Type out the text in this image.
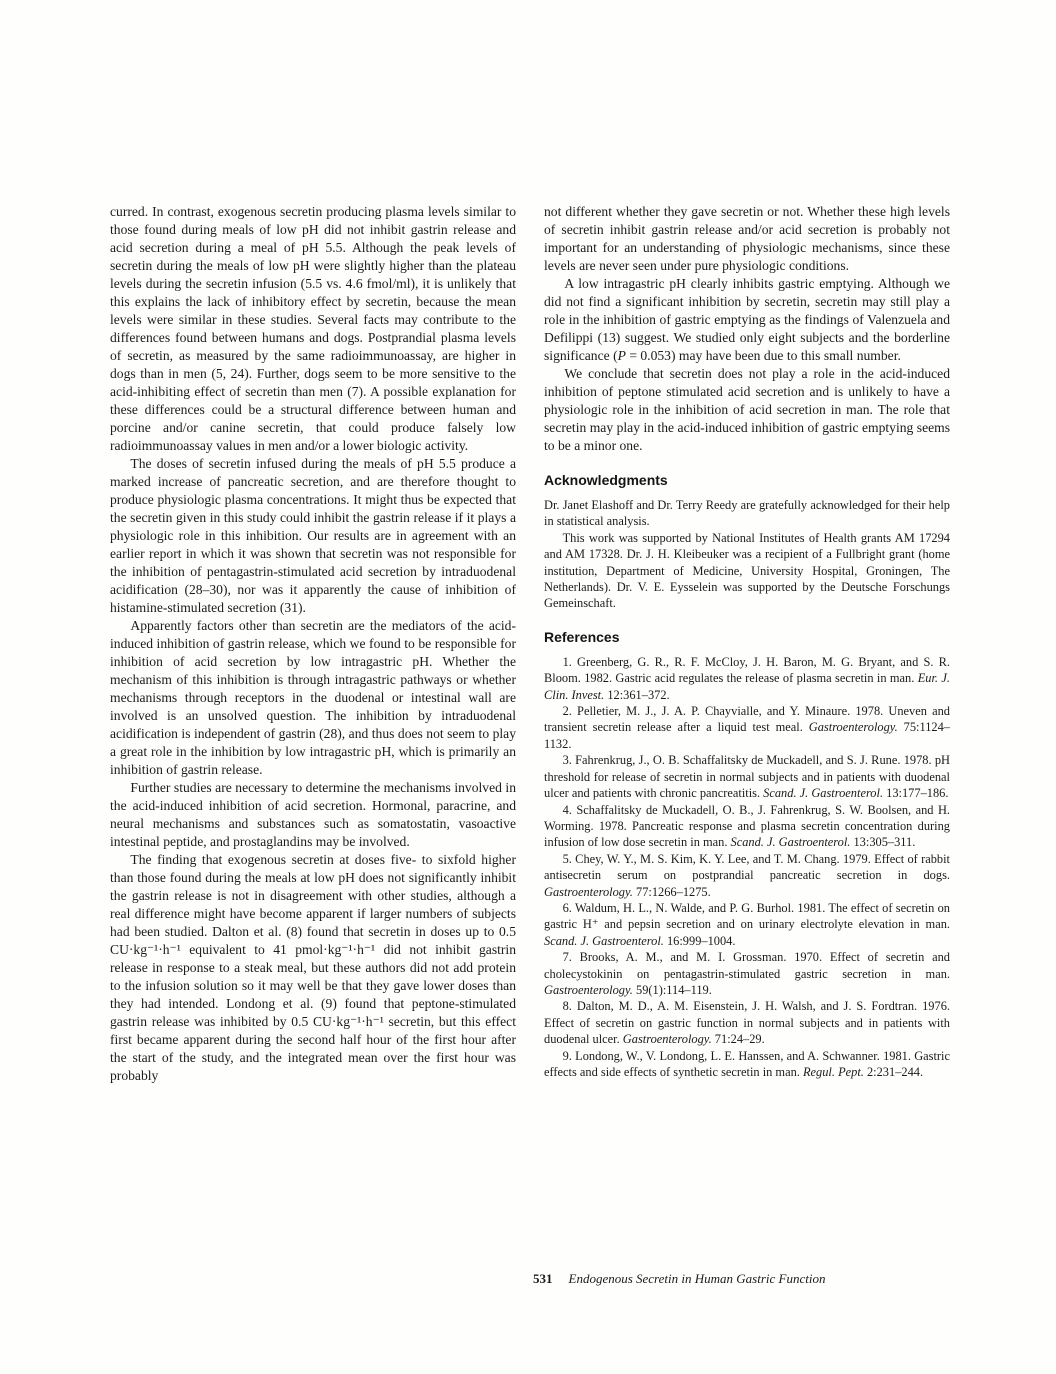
curred. In contrast, exogenous secretin producing plasma levels similar to those found during meals of low pH did not inhibit gastrin release and acid secretion during a meal of pH 5.5. Although the peak levels of secretin during the meals of low pH were slightly higher than the plateau levels during the secretin infusion (5.5 vs. 4.6 fmol/ml), it is unlikely that this explains the lack of inhibitory effect by secretin, because the mean levels were similar in these studies. Several facts may contribute to the differences found between humans and dogs. Postprandial plasma levels of secretin, as measured by the same radioimmunoassay, are higher in dogs than in men (5, 24). Further, dogs seem to be more sensitive to the acid-inhibiting effect of secretin than men (7). A possible explanation for these differences could be a structural difference between human and porcine and/or canine secretin, that could produce falsely low radioimmunoassay values in men and/or a lower biologic activity.

The doses of secretin infused during the meals of pH 5.5 produce a marked increase of pancreatic secretion, and are therefore thought to produce physiologic plasma concentrations. It might thus be expected that the secretin given in this study could inhibit the gastrin release if it plays a physiologic role in this inhibition. Our results are in agreement with an earlier report in which it was shown that secretin was not responsible for the inhibition of pentagastrin-stimulated acid secretion by intraduodenal acidification (28–30), nor was it apparently the cause of inhibition of histamine-stimulated secretion (31).

Apparently factors other than secretin are the mediators of the acid-induced inhibition of gastrin release, which we found to be responsible for inhibition of acid secretion by low intragastric pH. Whether the mechanism of this inhibition is through intragastric pathways or whether mechanisms through receptors in the duodenal or intestinal wall are involved is an unsolved question. The inhibition by intraduodenal acidification is independent of gastrin (28), and thus does not seem to play a great role in the inhibition by low intragastric pH, which is primarily an inhibition of gastrin release.

Further studies are necessary to determine the mechanisms involved in the acid-induced inhibition of acid secretion. Hormonal, paracrine, and neural mechanisms and substances such as somatostatin, vasoactive intestinal peptide, and prostaglandins may be involved.

The finding that exogenous secretin at doses five- to sixfold higher than those found during the meals at low pH does not significantly inhibit the gastrin release is not in disagreement with other studies, although a real difference might have become apparent if larger numbers of subjects had been studied. Dalton et al. (8) found that secretin in doses up to 0.5 CU·kg⁻¹·h⁻¹ equivalent to 41 pmol·kg⁻¹·h⁻¹ did not inhibit gastrin release in response to a steak meal, but these authors did not add protein to the infusion solution so it may well be that they gave lower doses than they had intended. Londong et al. (9) found that peptone-stimulated gastrin release was inhibited by 0.5 CU·kg⁻¹·h⁻¹ secretin, but this effect first became apparent during the second half hour of the first hour after the start of the study, and the integrated mean over the first hour was probably

not different whether they gave secretin or not. Whether these high levels of secretin inhibit gastrin release and/or acid secretion is probably not important for an understanding of physiologic mechanisms, since these levels are never seen under pure physiologic conditions.

A low intragastric pH clearly inhibits gastric emptying. Although we did not find a significant inhibition by secretin, secretin may still play a role in the inhibition of gastric emptying as the findings of Valenzuela and Defilippi (13) suggest. We studied only eight subjects and the borderline significance (P = 0.053) may have been due to this small number.

We conclude that secretin does not play a role in the acid-induced inhibition of peptone stimulated acid secretion and is unlikely to have a physiologic role in the inhibition of acid secretion in man. The role that secretin may play in the acid-induced inhibition of gastric emptying seems to be a minor one.

Acknowledgments

Dr. Janet Elashoff and Dr. Terry Reedy are gratefully acknowledged for their help in statistical analysis.

This work was supported by National Institutes of Health grants AM 17294 and AM 17328. Dr. J. H. Kleibeuker was a recipient of a Fullbright grant (home institution, Department of Medicine, University Hospital, Groningen, The Netherlands). Dr. V. E. Eysselein was supported by the Deutsche Forschungs Gemeinschaft.

References

1. Greenberg, G. R., R. F. McCloy, J. H. Baron, M. G. Bryant, and S. R. Bloom. 1982. Gastric acid regulates the release of plasma secretin in man. Eur. J. Clin. Invest. 12:361–372.

2. Pelletier, M. J., J. A. P. Chayvialle, and Y. Minaure. 1978. Uneven and transient secretin release after a liquid test meal. Gastroenterology. 75:1124–1132.

3. Fahrenkrug, J., O. B. Schaffalitsky de Muckadell, and S. J. Rune. 1978. pH threshold for release of secretin in normal subjects and in patients with duodenal ulcer and patients with chronic pancreatitis. Scand. J. Gastroenterol. 13:177–186.

4. Schaffalitsky de Muckadell, O. B., J. Fahrenkrug, S. W. Boolsen, and H. Worming. 1978. Pancreatic response and plasma secretin concentration during infusion of low dose secretin in man. Scand. J. Gastroenterol. 13:305–311.

5. Chey, W. Y., M. S. Kim, K. Y. Lee, and T. M. Chang. 1979. Effect of rabbit antisecretin serum on postprandial pancreatic secretion in dogs. Gastroenterology. 77:1266–1275.

6. Waldum, H. L., N. Walde, and P. G. Burhol. 1981. The effect of secretin on gastric H⁺ and pepsin secretion and on urinary electrolyte elevation in man. Scand. J. Gastroenterol. 16:999–1004.

7. Brooks, A. M., and M. I. Grossman. 1970. Effect of secretin and cholecystokinin on pentagastrin-stimulated gastric secretion in man. Gastroenterology. 59(1):114–119.

8. Dalton, M. D., A. M. Eisenstein, J. H. Walsh, and J. S. Fordtran. 1976. Effect of secretin on gastric function in normal subjects and in patients with duodenal ulcer. Gastroenterology. 71:24–29.

9. Londong, W., V. Londong, L. E. Hanssen, and A. Schwanner. 1981. Gastric effects and side effects of synthetic secretin in man. Regul. Pept. 2:231–244.

531 Endogenous Secretin in Human Gastric Function
